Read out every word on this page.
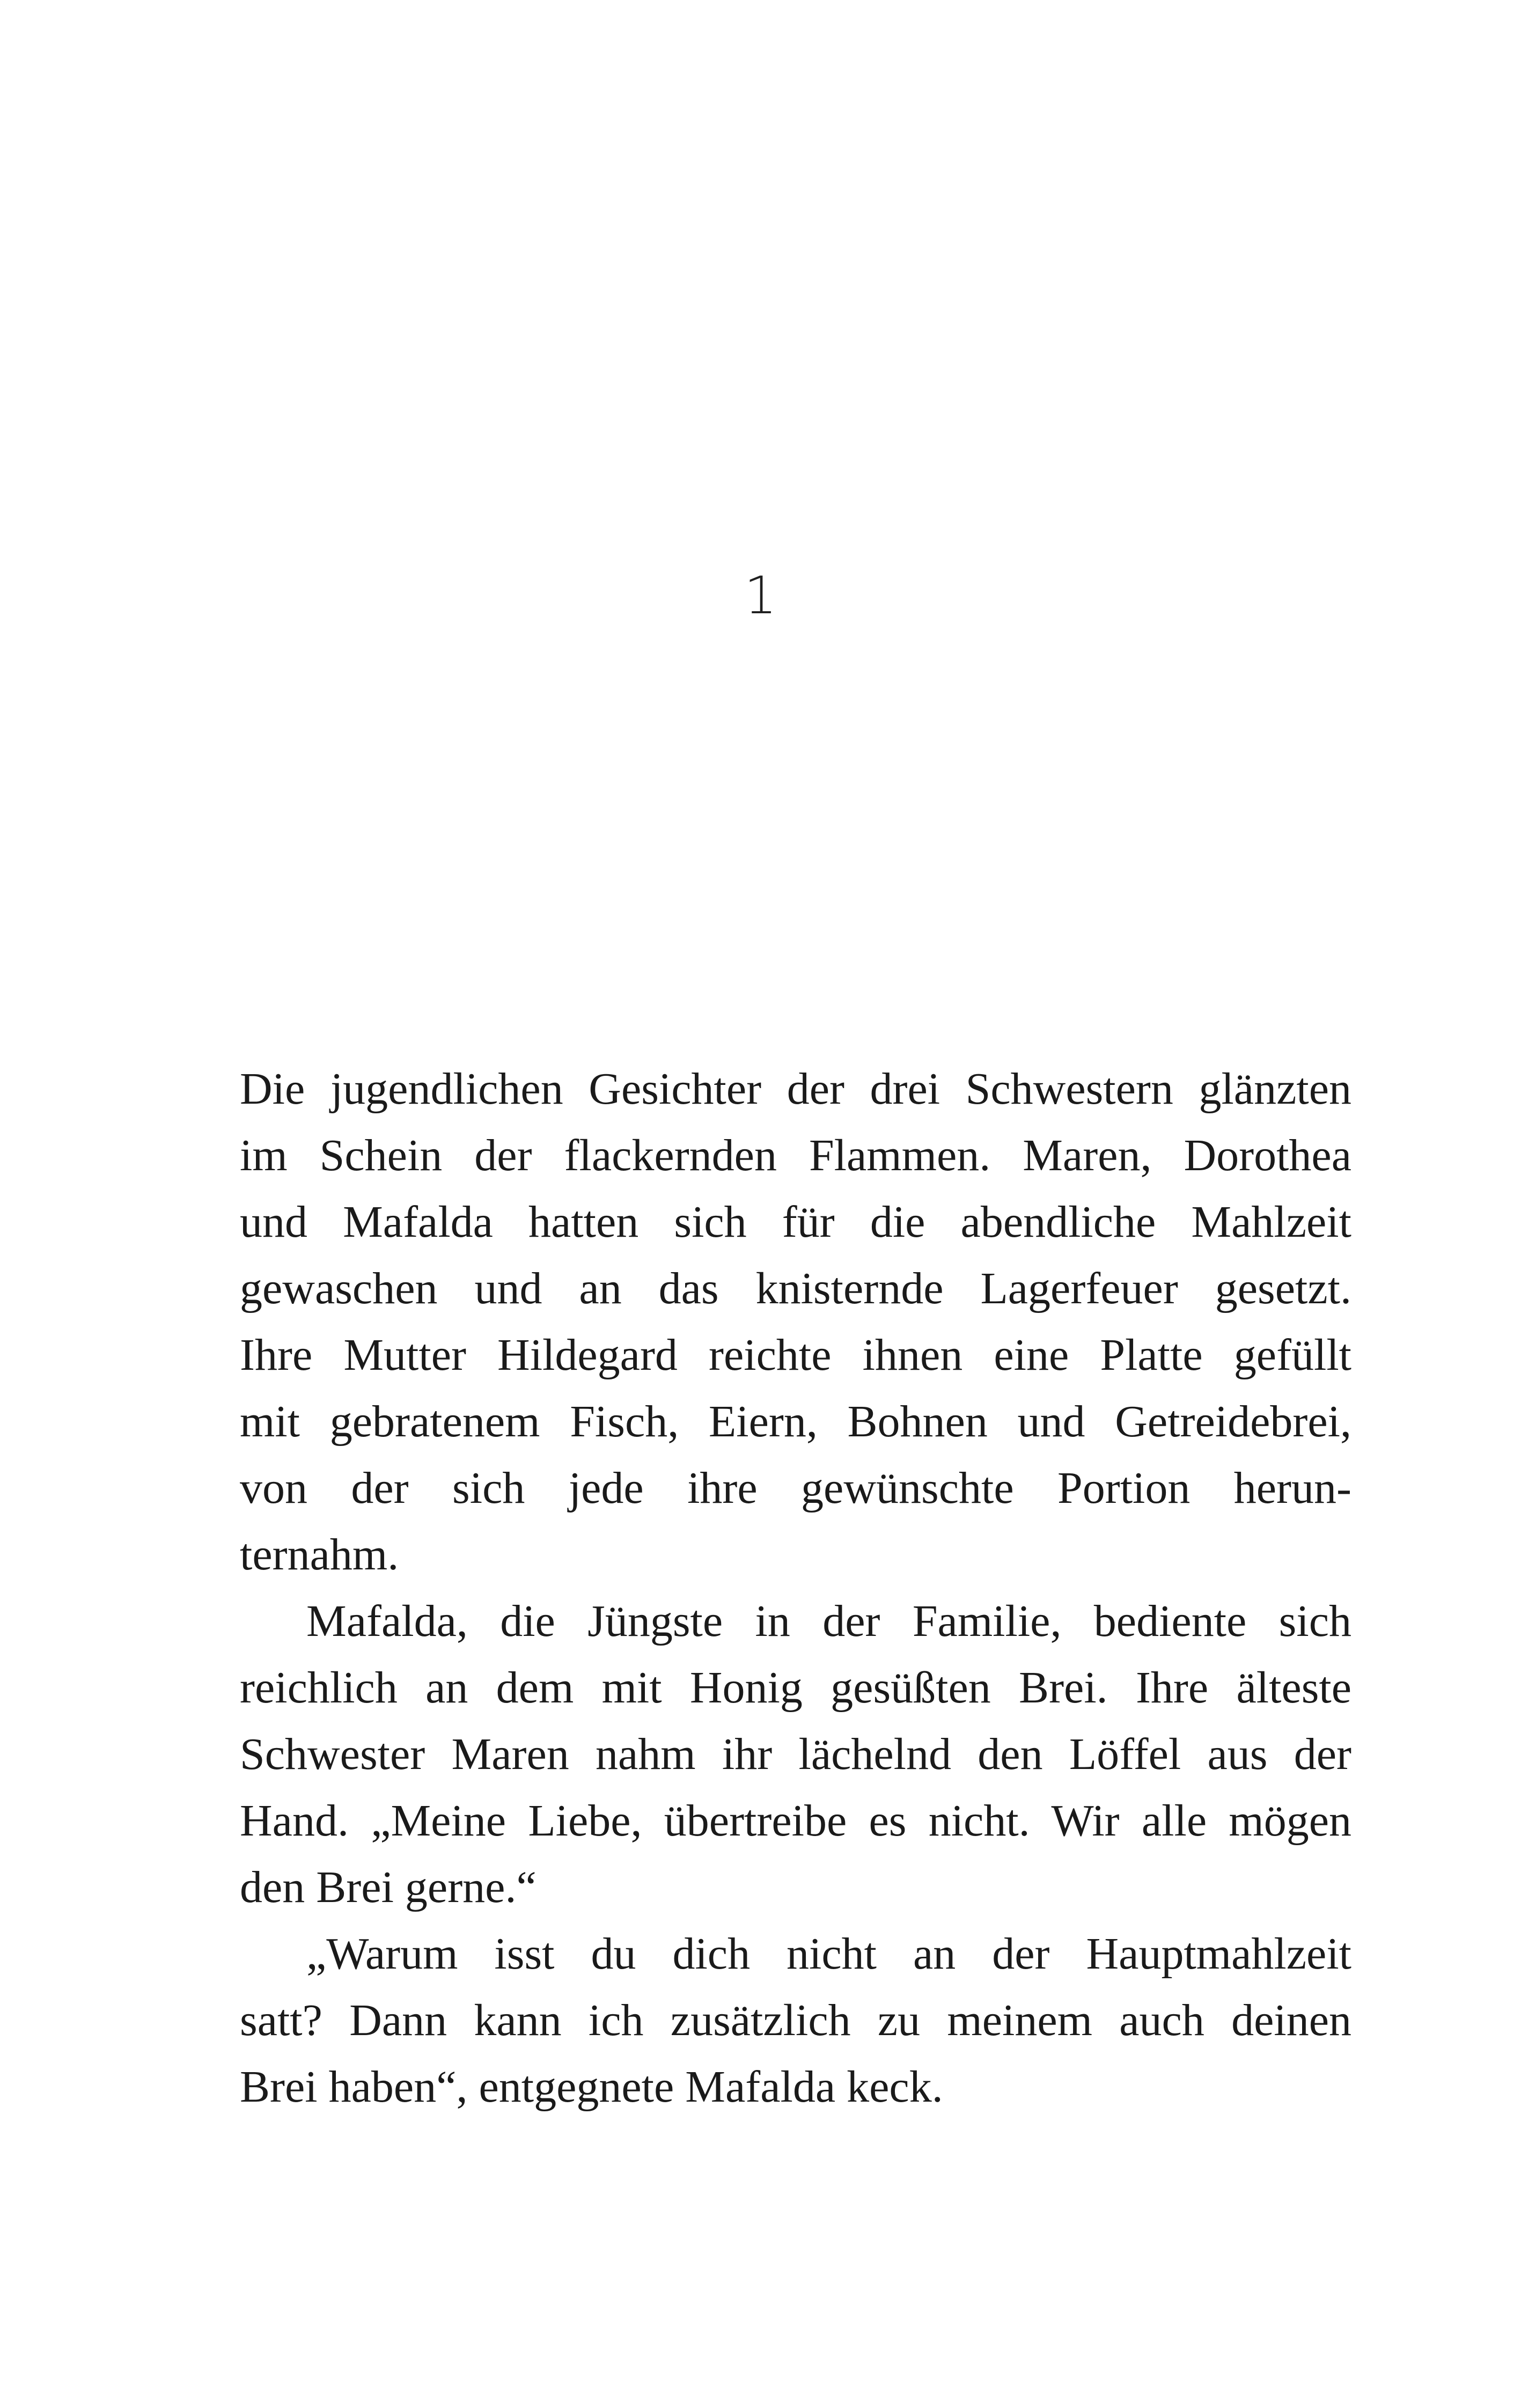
1
Die jugendlichen Gesichter der drei Schwestern glänzten
im Schein der flackernden Flammen. Maren, Dorothea
und Mafalda hatten sich für die abendliche Mahlzeit
gewaschen und an das knisternde Lagerfeuer gesetzt.
Ihre Mutter Hildegard reichte ihnen eine Platte gefüllt
mit gebratenem Fisch, Eiern, Bohnen und Getreidebrei,
von der sich jede ihre gewünschte Portion herun-
ternahm.
Mafalda, die Jüngste in der Familie, bediente sich
reichlich an dem mit Honig gesüßten Brei. Ihre älteste
Schwester Maren nahm ihr lächelnd den Löffel aus der
Hand. „Meine Liebe, übertreibe es nicht. Wir alle mögen
den Brei gerne.“
„Warum isst du dich nicht an der Hauptmahlzeit
satt? Dann kann ich zusätzlich zu meinem auch deinen
Brei haben“, entgegnete Mafalda keck.
